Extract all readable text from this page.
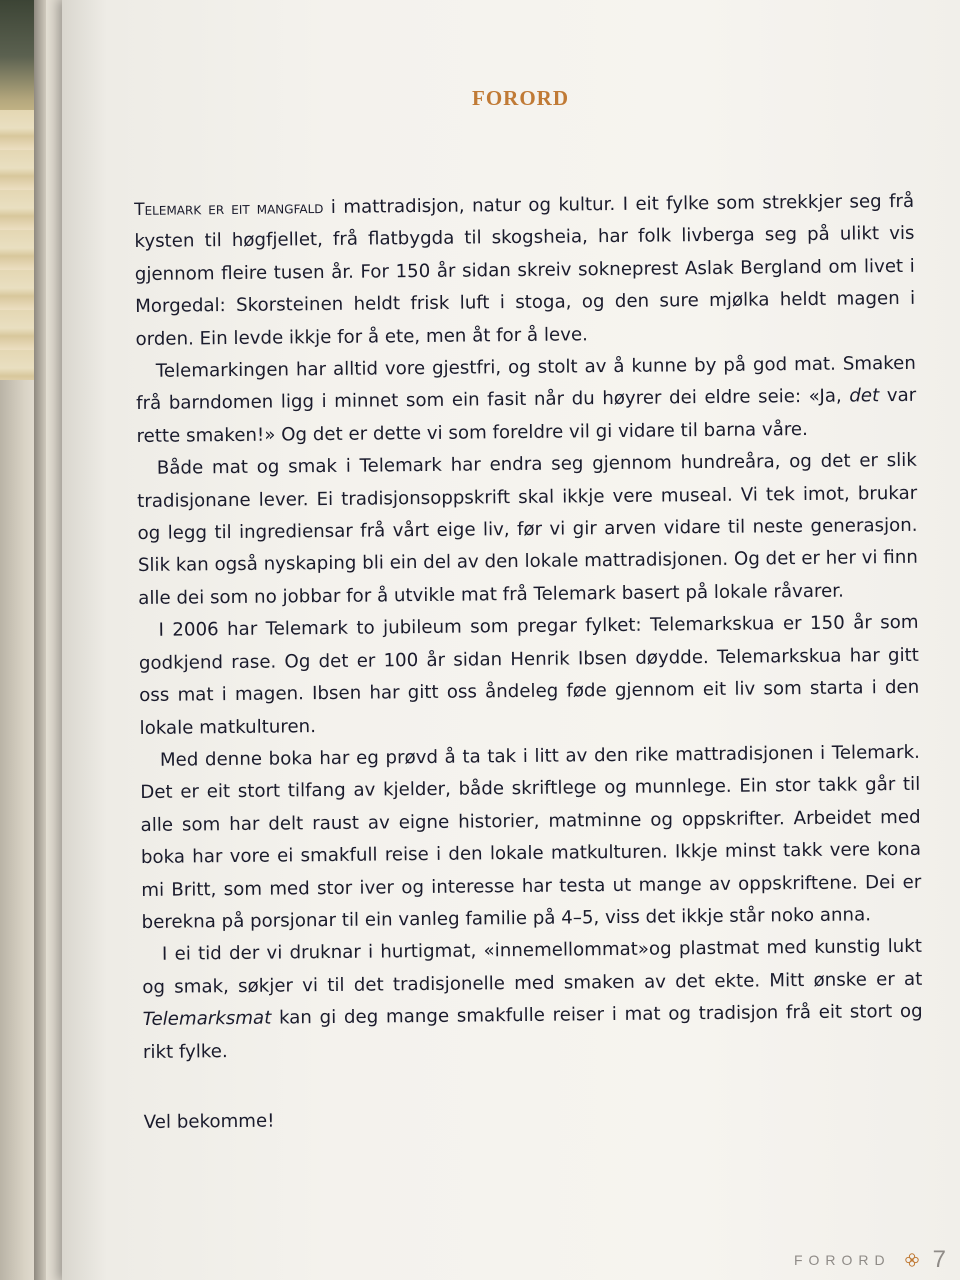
FORORD

Telemark er eit mangfald i mattradisjon, natur og kultur. I eit fylke som strekkjer seg frå kysten til høgfjellet, frå flatbygda til skogsheia, har folk livberga seg på ulikt vis gjennom fleire tusen år. For 150 år sidan skreiv sokneprest Aslak Bergland om livet i Morgedal: Skorsteinen heldt frisk luft i stoga, og den sure mjølka heldt magen i orden. Ein levde ikkje for å ete, men åt for å leve.

Telemarkingen har alltid vore gjestfri, og stolt av å kunne by på god mat. Smaken frå barndomen ligg i minnet som ein fasit når du høyrer dei eldre seie: «Ja, det var rette smaken!» Og det er dette vi som foreldre vil gi vidare til barna våre.

Både mat og smak i Telemark har endra seg gjennom hundreåra, og det er slik tradisjonane lever. Ei tradisjonsoppskrift skal ikkje vere museal. Vi tek imot, brukar og legg til ingrediensar frå vårt eige liv, før vi gir arven vidare til neste generasjon. Slik kan også nyskaping bli ein del av den lokale mattradisjonen. Og det er her vi finn alle dei som no jobbar for å utvikle mat frå Telemark basert på lokale råvarer.

I 2006 har Telemark to jubileum som pregar fylket: Telemarkskua er 150 år som godkjend rase. Og det er 100 år sidan Henrik Ibsen døydde. Telemarkskua har gitt oss mat i magen. Ibsen har gitt oss åndeleg føde gjennom eit liv som starta i den lokale matkulturen.

Med denne boka har eg prøvd å ta tak i litt av den rike mattradisjonen i Telemark. Det er eit stort tilfang av kjelder, både skriftlege og munnlege. Ein stor takk går til alle som har delt raust av eigne historier, matminne og oppskrifter. Arbeidet med boka har vore ei smakfull reise i den lokale matkulturen. Ikkje minst takk vere kona mi Britt, som med stor iver og interesse har testa ut mange av oppskriftene. Dei er berekna på porsjonar til ein vanleg familie på 4–5, viss det ikkje står noko anna.

I ei tid der vi druknar i hurtigmat, «innemellommat»og plastmat med kunstig lukt og smak, søkjer vi til det tradisjonelle med smaken av det ekte. Mitt ønske er at Telemarksmat kan gi deg mange smakfulle reiser i mat og tradisjon frå eit stort og rikt fylke.

Vel bekomme!

FORORD 7
